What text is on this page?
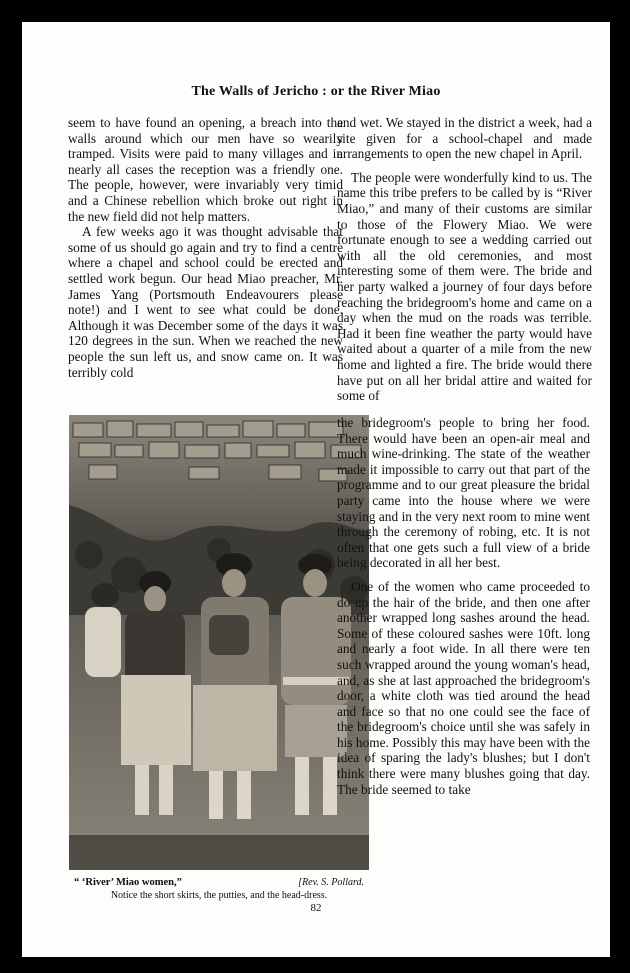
The Walls of Jericho : or the River Miao

seem to have found an opening, a breach into the walls around which our men have so wearily tramped. Visits were paid to many villages and in nearly all cases the reception was a friendly one. The people, however, were invariably very timid and a Chinese rebellion which broke out right in the new field did not help matters.

A few weeks ago it was thought advisable that some of us should go again and try to find a centre where a chapel and school could be erected and settled work begun. Our head Miao preacher, Mr. James Yang (Portsmouth Endeavourers please note!) and I went to see what could be done. Although it was December some of the days it was 120 degrees in the sun. When we reached the new people the sun left us, and snow came on. It was terribly cold

and wet. We stayed in the district a week, had a site given for a school-chapel and made arrangements to open the new chapel in April.

The people were wonderfully kind to us. The name this tribe prefers to be called by is “River Miao,” and many of their customs are similar to those of the Flowery Miao. We were fortunate enough to see a wedding carried out with all the old ceremonies, and most interesting some of them were. The bride and her party walked a journey of four days before reaching the bridegroom's home and came on a day when the mud on the roads was terrible. Had it been fine weather the party would have waited about a quarter of a mile from the new home and lighted a fire. The bride would there have put on all her bridal attire and waited for some of

“ ‘River’ Miao women,”	[Rev. S. Pollard.
Notice the short skirts, the putties, and the head-dress.

the bridegroom's people to bring her food. There would have been an open-air meal and much wine-drinking. The state of the weather made it impossible to carry out that part of the programme and to our great pleasure the bridal party came into the house where we were staying and in the very next room to mine went through the ceremony of robing, etc. It is not often that one gets such a full view of a bride being decorated in all her best.

One of the women who came proceeded to do up the hair of the bride, and then one after another wrapped long sashes around the head. Some of these coloured sashes were 10ft. long and nearly a foot wide. In all there were ten such wrapped around the young woman's head, and, as she at last approached the bridegroom's door, a white cloth was tied around the head and face so that no one could see the face of the bridegroom's choice until she was safely in his home. Possibly this may have been with the idea of sparing the lady's blushes; but I don't think there were many blushes going that day. The bride seemed to take

82
